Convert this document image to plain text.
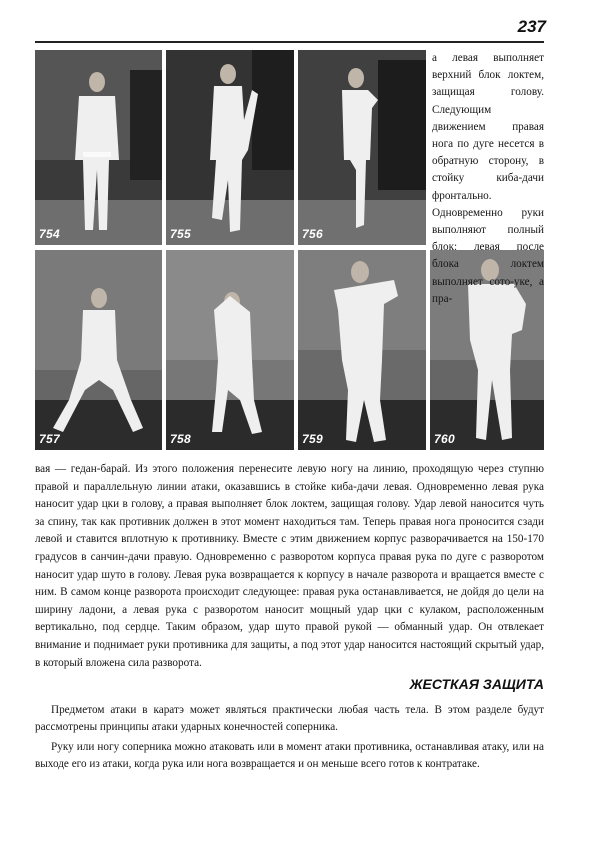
237
754	755	756
757	758	759	760
а левая выполняет верхний блок локтем, защищая голову. Следующим движением правая нога по дуге несется в обратную сторону, в стойку киба-дачи фронтально. Одновременно руки выполняют полный блок: левая после блока локтем выполняет сото-уке, а пра-
вая — гедан-барай. Из этого положения перенесите левую ногу на линию, проходящую через ступню правой и параллельную линии атаки, оказавшись в стойке киба-дачи левая. Одновременно левая рука наносит удар цки в голову, а правая выполняет блок локтем, защищая голову. Удар левой наносится чуть за спину, так как противник должен в этот момент находиться там. Теперь правая нога проносится сзади левой и ставится вплотную к противнику. Вместе с этим движением корпус разворачивается на 150-170 градусов в санчин-дачи правую. Одновременно с разворотом корпуса правая рука по дуге с разворотом наносит удар шуто в голову. Левая рука возвращается к корпусу в начале разворота и вращается вместе с ним. В самом конце разворота происходит следующее: правая рука останавливается, не дойдя до цели на ширину ладони, а левая рука с разворотом наносит мощный удар цки с кулаком, расположенным вертикально, под сердце. Таким образом, удар шуто правой рукой — обманный удар. Он отвлекает внимание и поднимает руки противника для защиты, а под этот удар наносится настоящий скрытый удар, в который вложена сила разворота.
ЖЕСТКАЯ ЗАЩИТА
Предметом атаки в каратэ может являться практически любая часть тела. В этом разделе будут рассмотрены принципы атаки ударных конечностей соперника.
Руку или ногу соперника можно атаковать или в момент атаки противника, останавливая атаку, или на выходе его из атаки, когда рука или нога возвращается и он меньше всего готов к контратаке.
